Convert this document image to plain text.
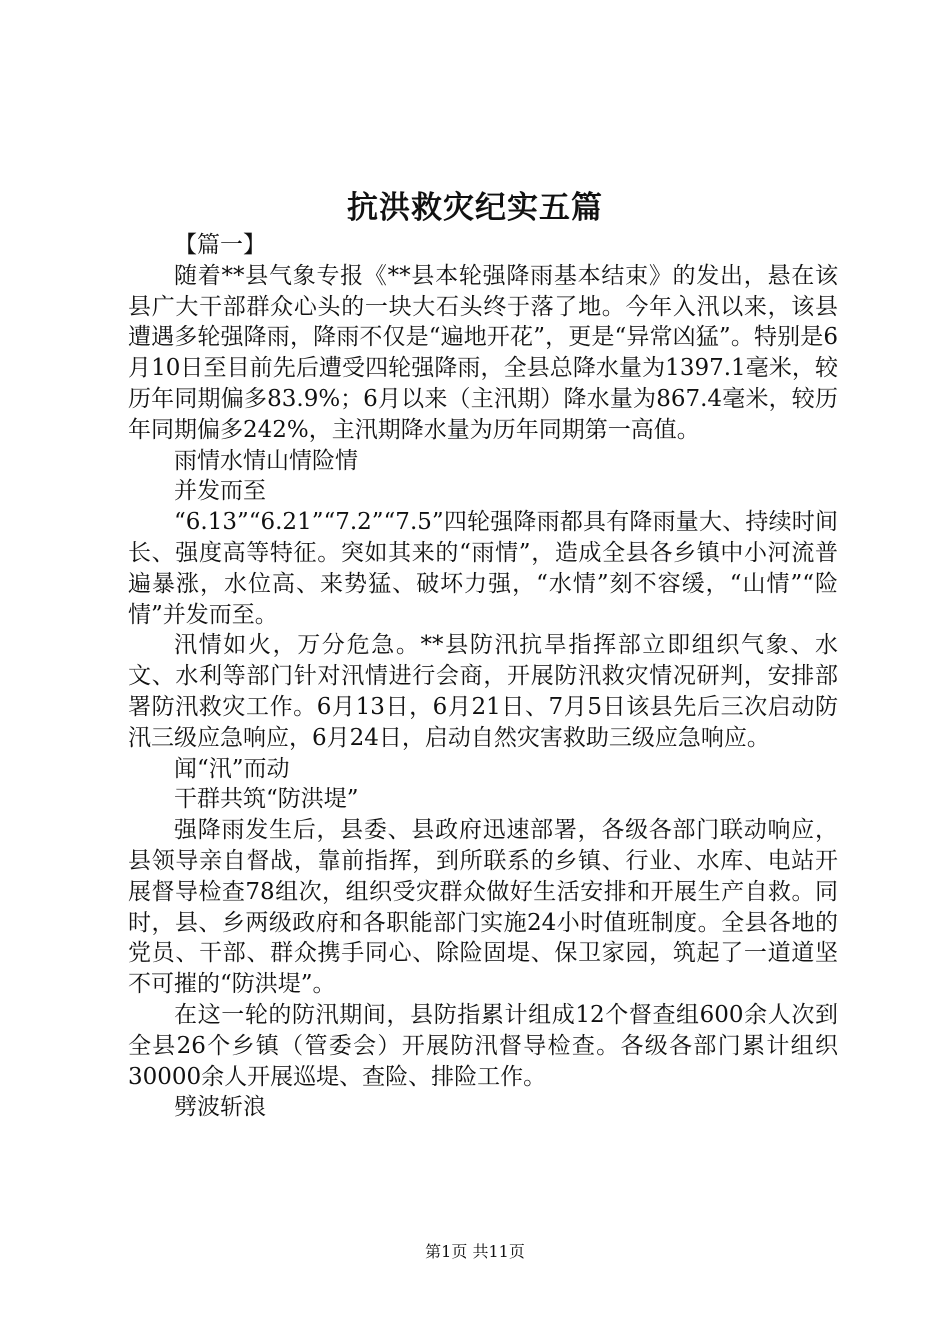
抗洪救灾纪实五篇

【篇一】

随着**县气象专报《**县本轮强降雨基本结束》的发出，悬在该县广大干部群众心头的一块大石头终于落了地。今年入汛以来，该县遭遇多轮强降雨，降雨不仅是“遍地开花”，更是“异常凶猛”。特别是6月10日至目前先后遭受四轮强降雨，全县总降水量为1397.1毫米，较历年同期偏多83.9%；6月以来（主汛期）降水量为867.4毫米，较历年同期偏多242%，主汛期降水量为历年同期第一高值。

雨情水情山情险情

并发而至

“6.13”“6.21”“7.2”“7.5”四轮强降雨都具有降雨量大、持续时间长、强度高等特征。突如其来的“雨情”，造成全县各乡镇中小河流普遍暴涨，水位高、来势猛、破坏力强，“水情”刻不容缓，“山情”“险情”并发而至。

汛情如火，万分危急。**县防汛抗旱指挥部立即组织气象、水文、水利等部门针对汛情进行会商，开展防汛救灾情况研判，安排部署防汛救灾工作。6月13日，6月21日、7月5日该县先后三次启动防汛三级应急响应，6月24日，启动自然灾害救助三级应急响应。

闻“汛”而动

干群共筑“防洪堤”

强降雨发生后，县委、县政府迅速部署，各级各部门联动响应，县领导亲自督战，靠前指挥，到所联系的乡镇、行业、水库、电站开展督导检查78组次，组织受灾群众做好生活安排和开展生产自救。同时，县、乡两级政府和各职能部门实施24小时值班制度。全县各地的党员、干部、群众携手同心、除险固堤、保卫家园，筑起了一道道坚不可摧的“防洪堤”。

在这一轮的防汛期间，县防指累计组成12个督查组600余人次到全县26个乡镇（管委会）开展防汛督导检查。各级各部门累计组织30000余人开展巡堤、查险、排险工作。

劈波斩浪

第1页 共11页
